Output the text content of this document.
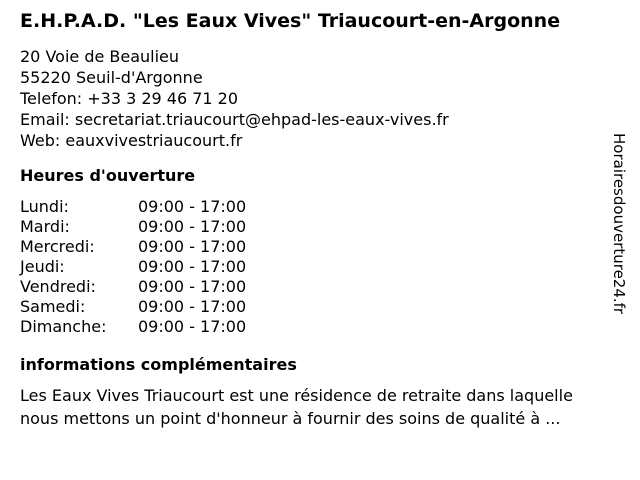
E.H.P.A.D. "Les Eaux Vives" Triaucourt-en-Argonne
20 Voie de Beaulieu
55220 Seuil-d'Argonne
Telefon: +33 3 29 46 71 20
Email: secretariat.triaucourt@ehpad-les-eaux-vives.fr
Web: eauxvivestriaucourt.fr
Heures d'ouverture
Lundi:	09:00 - 17:00
Mardi:	09:00 - 17:00
Mercredi:	09:00 - 17:00
Jeudi:	09:00 - 17:00
Vendredi:	09:00 - 17:00
Samedi:	09:00 - 17:00
Dimanche:	09:00 - 17:00
informations complémentaires

Les Eaux Vives Triaucourt est une résidence de retraite dans laquelle nous mettons un point d'honneur à fournir des soins de qualité à ...

Horairesdouverture24.fr
